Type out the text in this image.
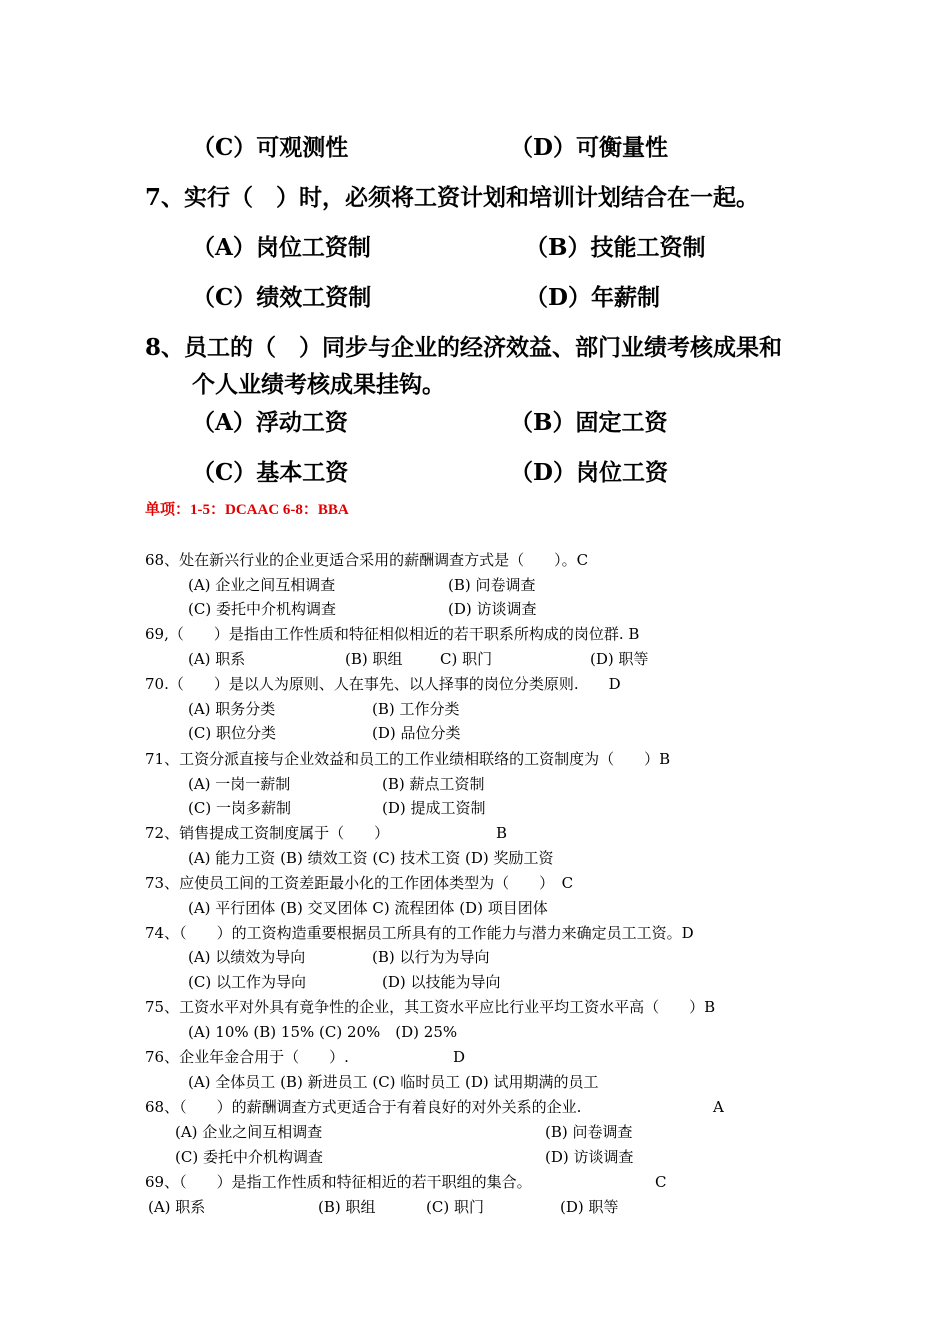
（C）可观测性	（D）可衡量性
7、实行（　）时，必须将工资计划和培训计划结合在一起。
（A）岗位工资制	（B）技能工资制
（C）绩效工资制	（D）年薪制
8、员工的（　）同步与企业的经济效益、部门业绩考核成果和
个人业绩考核成果挂钩。
（A）浮动工资	（B）固定工资
（C）基本工资	（D）岗位工资
单项：1-5：DCAAC 6-8：BBA
68、处在新兴行业的企业更适合采用的薪酬调查方式是（　　）。C
(A) 企业之间互相调查	(B) 问卷调查
(C) 委托中介机构调查	(D) 访谈调查
69,（　　）是指由工作性质和特征相似相近的若干职系所构成的岗位群. B
(A) 职系	(B) 职组	C) 职门	(D) 职等
70.（　　）是以人为原则、人在事先、以人择事的岗位分类原则.　　D
(A) 职务分类	(B) 工作分类
(C) 职位分类	(D) 品位分类
71、工资分派直接与企业效益和员工的工作业绩相联络的工资制度为（　　）B
(A) 一岗一薪制	(B) 薪点工资制
(C) 一岗多薪制	(D) 提成工资制
72、销售提成工资制度属于（　　）	B
(A) 能力工资 (B) 绩效工资 (C) 技术工资 (D) 奖励工资
73、应使员工间的工资差距最小化的工作团体类型为（　　）　C
(A) 平行团体 (B) 交叉团体 C) 流程团体 (D) 项目团体
74、（　　）的工资构造重要根据员工所具有的工作能力与潜力来确定员工工资。D
(A) 以绩效为导向	(B) 以行为为导向
(C) 以工作为导向	(D) 以技能为导向
75、工资水平对外具有竟争性的企业，其工资水平应比行业平均工资水平高（　　）B
(A) 10% (B) 15% (C) 20%　(D) 25%
76、企业年金合用于（　　）.	D
(A) 全体员工 (B) 新进员工 (C) 临时员工 (D) 试用期满的员工
68、（　　）的薪酬调查方式更适合于有着良好的对外关系的企业.	A
(A) 企业之间互相调查	(B) 问卷调查
(C) 委托中介机构调查	(D) 访谈调查
69、（　　）是指工作性质和特征相近的若干职组的集合。	C
(A) 职系	(B) 职组	(C) 职门	(D) 职等
